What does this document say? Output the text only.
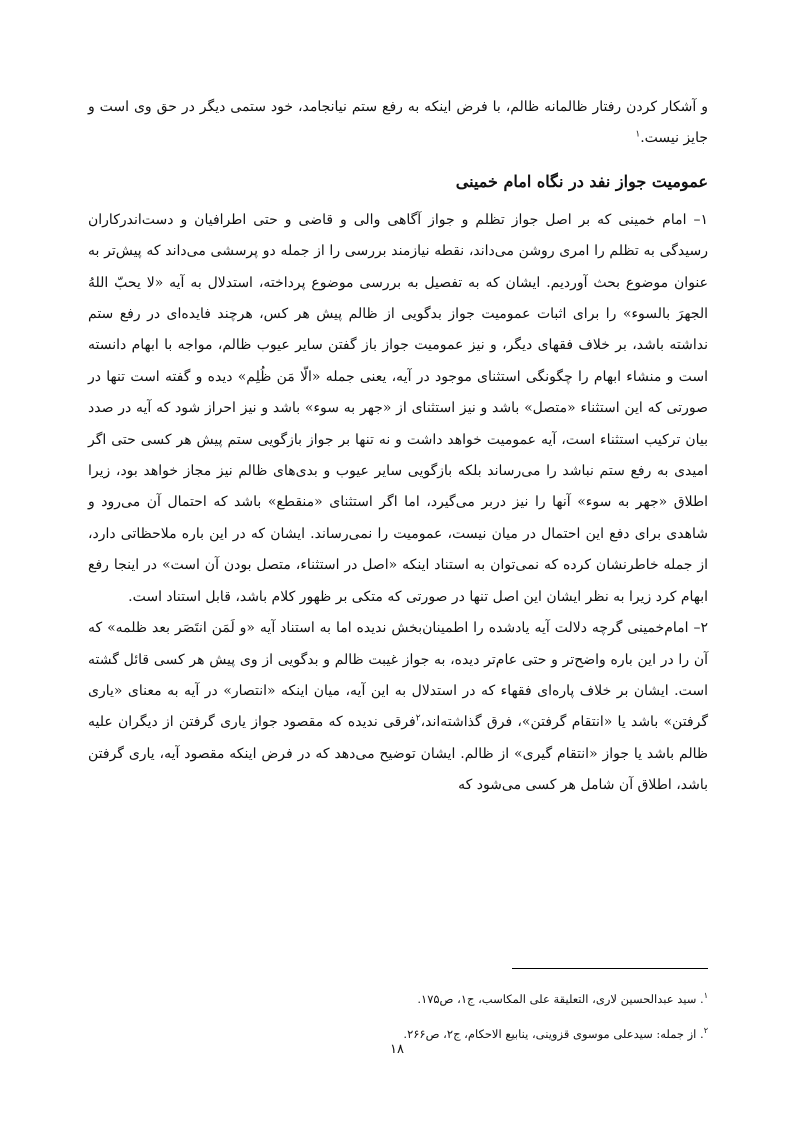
و آشکار کردن رفتار ظالمانه ظالم، با فرض اینکه به رفع ستم نیانجامد، خود ستمی دیگر در حق وی است و جایز نیست.$^۱$

عمومیت جواز نفد در نگاه امام خمینی

۱– امام خمینی که بر اصل جواز تظلم و جواز آگاهی والی و قاضی و حتی اطرافیان و دست‌اندرکاران رسیدگی به تظلم را امری روشن می‌داند، نقطه نیازمند بررسی را از جمله دو پرسشی می‌داند که پیش‌تر به عنوان موضوع بحث آوردیم. ایشان که به تفصیل به بررسی موضوع پرداخته، استدلال به آیه «لا یحبّ اللهُ الجهرَ بالسوء» را برای اثبات عمومیت جواز بدگویی از ظالم پیش هر کس، هرچند فایده‌ای در رفع ستم نداشته باشد، بر خلاف فقهای دیگر، و نیز عمومیت جواز باز گفتن سایر عیوب ظالم، مواجه با ابهام دانسته است و منشاء ابهام را چگونگی استثنای موجود در آیه، یعنی جمله «الّا مَن ظُلِم» دیده و گفته است تنها در صورتی که این استثناء «متصل» باشد و نیز استثنای از «جهر به سوء» باشد و نیز احراز شود که آیه در صدد بیان ترکیب استثناء است، آیه عمومیت خواهد داشت و نه تنها بر جواز بازگویی ستم پیش هر کسی حتی اگر امیدی به رفع ستم نباشد را می‌رساند بلکه بازگویی سایر عیوب و بدی‌های ظالم نیز مجاز خواهد بود، زیرا اطلاق «جهر به سوء» آنها را نیز دربر می‌گیرد، اما اگر استثنای «منقطع» باشد که احتمال آن می‌رود و شاهدی برای دفع این احتمال در میان نیست، عمومیت را نمی‌رساند. ایشان که در این باره ملاحظاتی دارد، از جمله خاطرنشان کرده که نمی‌توان به استناد اینکه «اصل در استثناء، متصل بودن آن است» در اینجا رفع ابهام کرد زیرا به نظر ایشان این اصل تنها در صورتی که متکی بر ظهور کلام باشد، قابل استناد است.

۲– امام‌خمینی گرچه دلالت آیه یادشده را اطمینان‌بخش ندیده اما به استناد آیه «و لَمَن انتَصَر بعد ظلمه» که آن را در این باره واضح‌تر و حتی عام‌تر دیده، به جواز غیبت ظالم و بدگویی از وی پیش هر کسی قائل گشته است. ایشان بر خلاف پاره‌ای فقهاء که در استدلال به این آیه، میان اینکه «انتصار» در آیه به معنای «یاری گرفتن» باشد یا «انتقام گرفتن»، فرق گذاشته‌اند،$^۲$فرقی ندیده که مقصود جواز یاری گرفتن از دیگران علیه ظالم باشد یا جواز «انتقام گیری» از ظالم. ایشان توضیح می‌دهد که در فرض اینکه مقصود آیه، یاری گرفتن باشد، اطلاق آن شامل هر کسی می‌شود که

$^۱$. سید عبدالحسین لاری، التعلیقة علی المکاسب، ج۱، ص۱۷۵.
$^۲$. از جمله: سیدعلی موسوی قزوینی، ینابیع الاحکام، ج۲، ص۲۶۶.
۱۸
